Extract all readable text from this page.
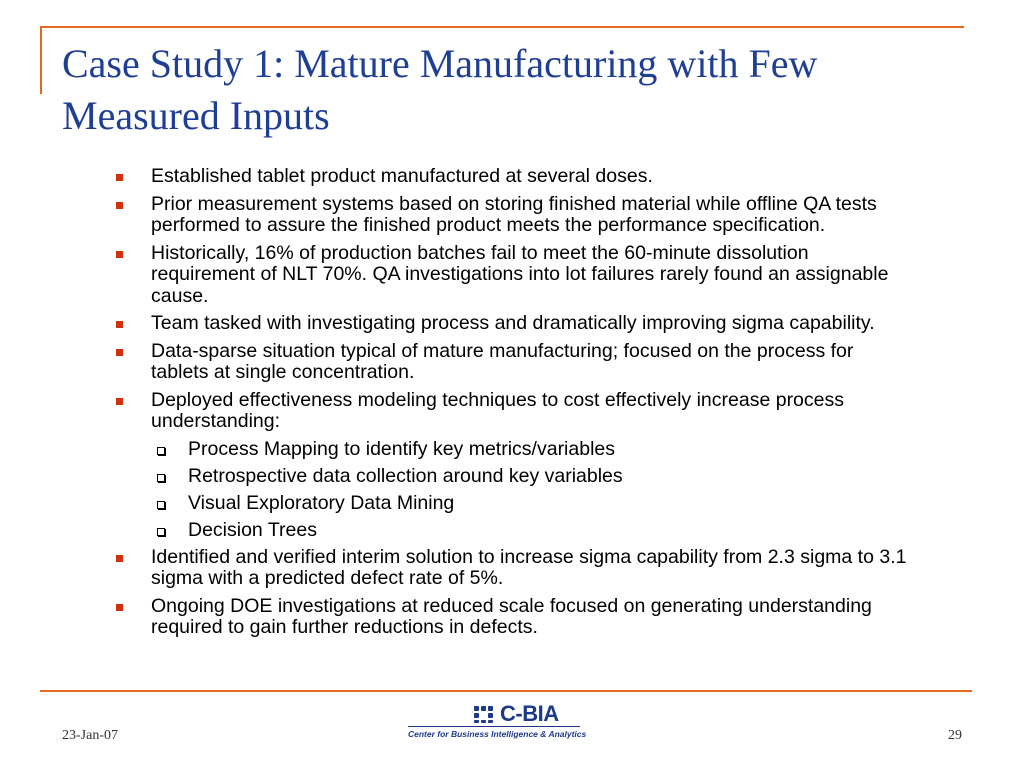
Case Study 1: Mature Manufacturing with Few Measured Inputs
Established tablet product manufactured at several doses.
Prior measurement systems based on storing finished material while offline QA tests performed to assure the finished product meets the performance specification.
Historically, 16% of production batches fail to meet the 60-minute dissolution requirement of NLT 70%. QA investigations into lot failures rarely found an assignable cause.
Team tasked with investigating process and dramatically improving sigma capability.
Data-sparse situation typical of mature manufacturing; focused on the process for tablets at single concentration.
Deployed effectiveness modeling techniques to cost effectively increase process understanding:
Process Mapping to identify key metrics/variables
Retrospective data collection around key variables
Visual Exploratory Data Mining
Decision Trees
Identified and verified interim solution to increase sigma capability from 2.3 sigma to 3.1 sigma with a predicted defect rate of 5%.
Ongoing DOE investigations at reduced scale focused on generating understanding required to gain further reductions in defects.
23-Jan-07
C-BIA
Center for Business Intelligence & Analytics	29
